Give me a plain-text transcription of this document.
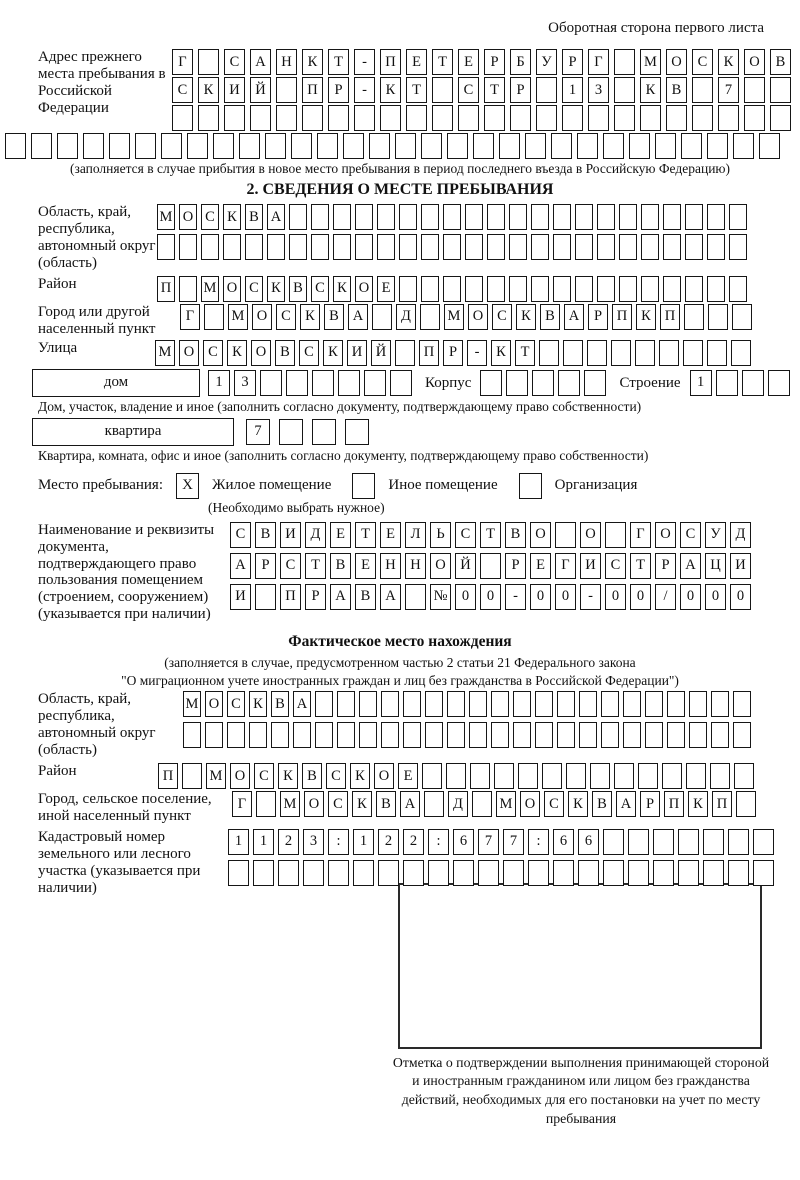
Оборотная сторона первого листа
Адрес прежнего места пребывания в Российской Федерации
Г	С	А	Н	К	Т	-	П	Е	Т	Е	Р	Б	У	Р	Г	М О	С	К	О	В
С	К	И	Й	П	Р	-	К	Т	С	Т	Р	1	3	К	В	7
(заполняется в случае прибытия в новое место пребывания в период последнего въезда в Российскую Федерацию)
2. СВЕДЕНИЯ О МЕСТЕ ПРЕБЫВАНИЯ
Область, край, республика, автономный округ (область)
М О С К В А
Район	П М О С К В С К О Е
Город или другой населенный пункт
Г	М О С К В А	Д	М О С К В А	Р	П К П
Улица	М О С К О В С К И Й	П	Р	-	К	Т
дом	1	3	Корпус	Строение	1
Дом, участок, владение и иное (заполнить согласно документу, подтверждающему право собственности)
квартира	7
Квартира, комната, офис и иное (заполнить согласно документу, подтверждающему право собственности)
Место пребывания:	X	Жилое помещение	Иное помещение	Организация
(Необходимо выбрать нужное)
Наименование и реквизиты документа, подтверждающего право пользования помещением (строением, сооружением) (указывается при наличии)
С	В	И	Д	Е	Т	Е	Л	Ь	С	Т	В	О	О	Г	О	С	У	Д
А	Р	С	Т	В	Е	Н	Н	О	Й	Р	Е	Г	И	С	Т	Р	А	Ц	И
И	П	Р	А	В	А	№ 0	0	-	0	0	-	0	0	/	0	0	0
Фактическое место нахождения
(заполняется в случае, предусмотренном частью 2 статьи 21 Федерального закона
"О миграционном учете иностранных граждан и лиц без гражданства в Российской Федерации")
Область, край, республика, автономный округ (область)
М О С К В А
Район	П	М О С К В С К О Е
Город, сельское поселение, иной населенный пункт
Г	М О С К В А	Д	М О С К В А	Р	П К П
Кадастровый номер земельного или лесного участка (указывается при наличии)
1	1	2	3	:	1	2	2	:	6	7	7	:	6	6
Отметка о подтверждении выполнения принимающей стороной и иностранным гражданином или лицом без гражданства действий, необходимых для его постановки на учет по месту пребывания
